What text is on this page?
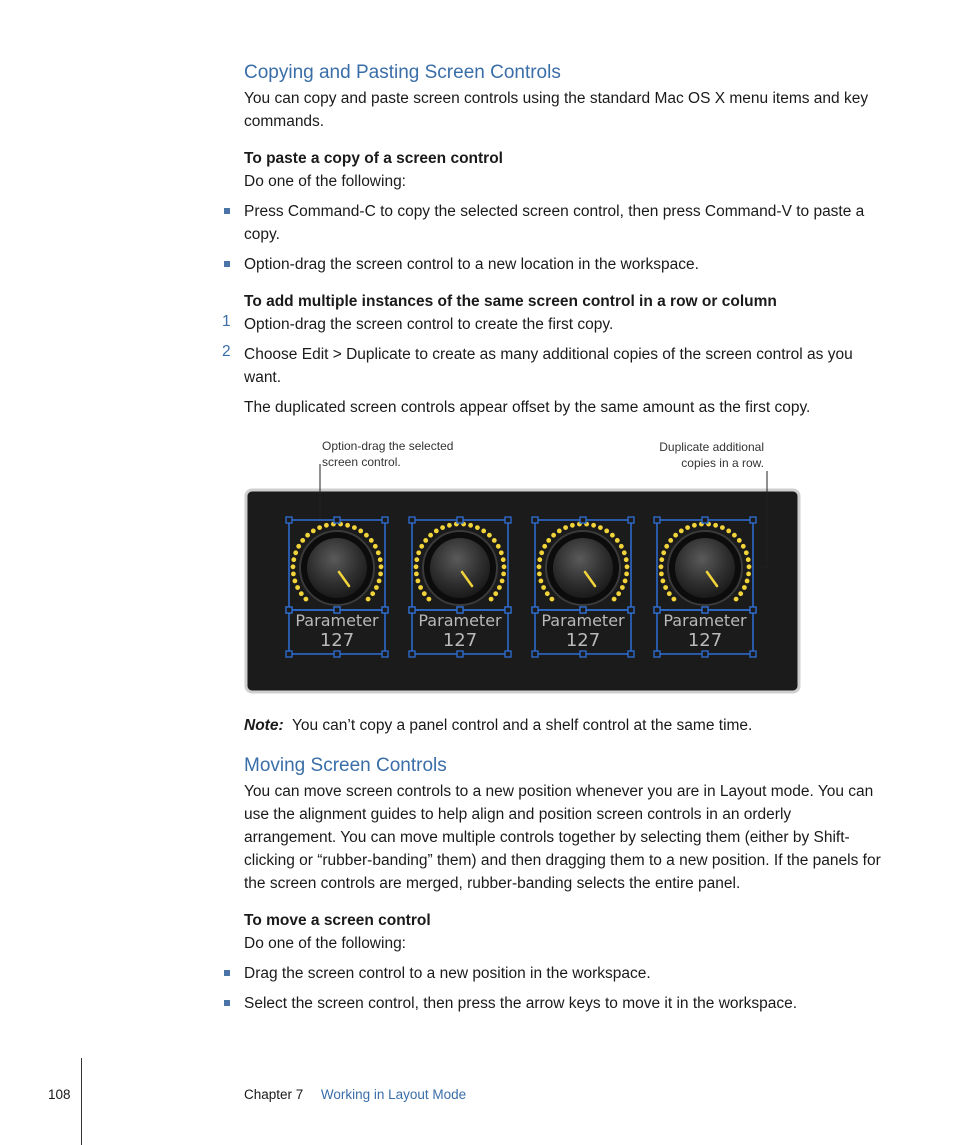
Copying and Pasting Screen Controls
You can copy and paste screen controls using the standard Mac OS X menu items and key commands.
To paste a copy of a screen control
Do one of the following:
Press Command-C to copy the selected screen control, then press Command-V to paste a copy.
Option-drag the screen control to a new location in the workspace.
To add multiple instances of the same screen control in a row or column
1 Option-drag the screen control to create the first copy.
2 Choose Edit > Duplicate to create as many additional copies of the screen control as you want.
The duplicated screen controls appear offset by the same amount as the first copy.
Option-drag the selected
screen control.
Duplicate additional
copies in a row.
Parameter
127
Parameter
127
Parameter
127
Parameter
127
Note: You can’t copy a panel control and a shelf control at the same time.
Moving Screen Controls
You can move screen controls to a new position whenever you are in Layout mode. You can use the alignment guides to help align and position screen controls in an orderly arrangement. You can move multiple controls together by selecting them (either by Shift-clicking or “rubber-banding” them) and then dragging them to a new position. If the panels for the screen controls are merged, rubber-banding selects the entire panel.
To move a screen control
Do one of the following:
Drag the screen control to a new position in the workspace.
Select the screen control, then press the arrow keys to move it in the workspace.
108	Chapter 7 Working in Layout Mode
